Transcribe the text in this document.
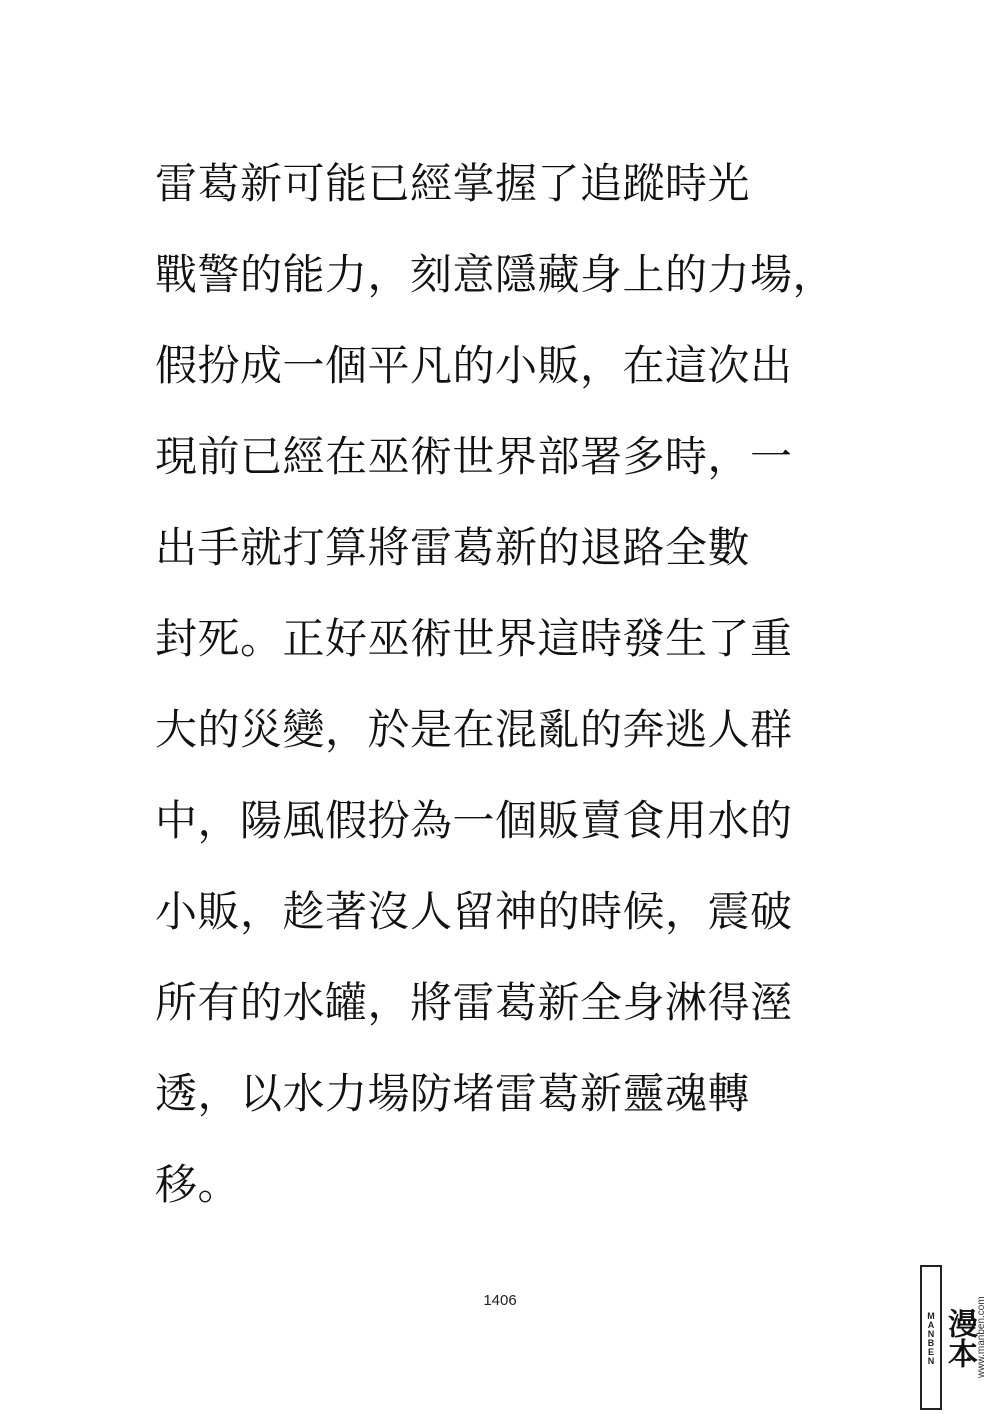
雷葛新可能已經掌握了追蹤時光
戰警的能力，刻意隱藏身上的力場，
假扮成一個平凡的小販，在這次出
現前已經在巫術世界部署多時，一
出手就打算將雷葛新的退路全數
封死。正好巫術世界這時發生了重
大的災變，於是在混亂的奔逃人群
中，陽風假扮為一個販賣食用水的
小販，趁著沒人留神的時候，震破
所有的水罐，將雷葛新全身淋得溼
透，以水力場防堵雷葛新靈魂轉
移。
1406
MANBEN 漫本 www.manben.com
